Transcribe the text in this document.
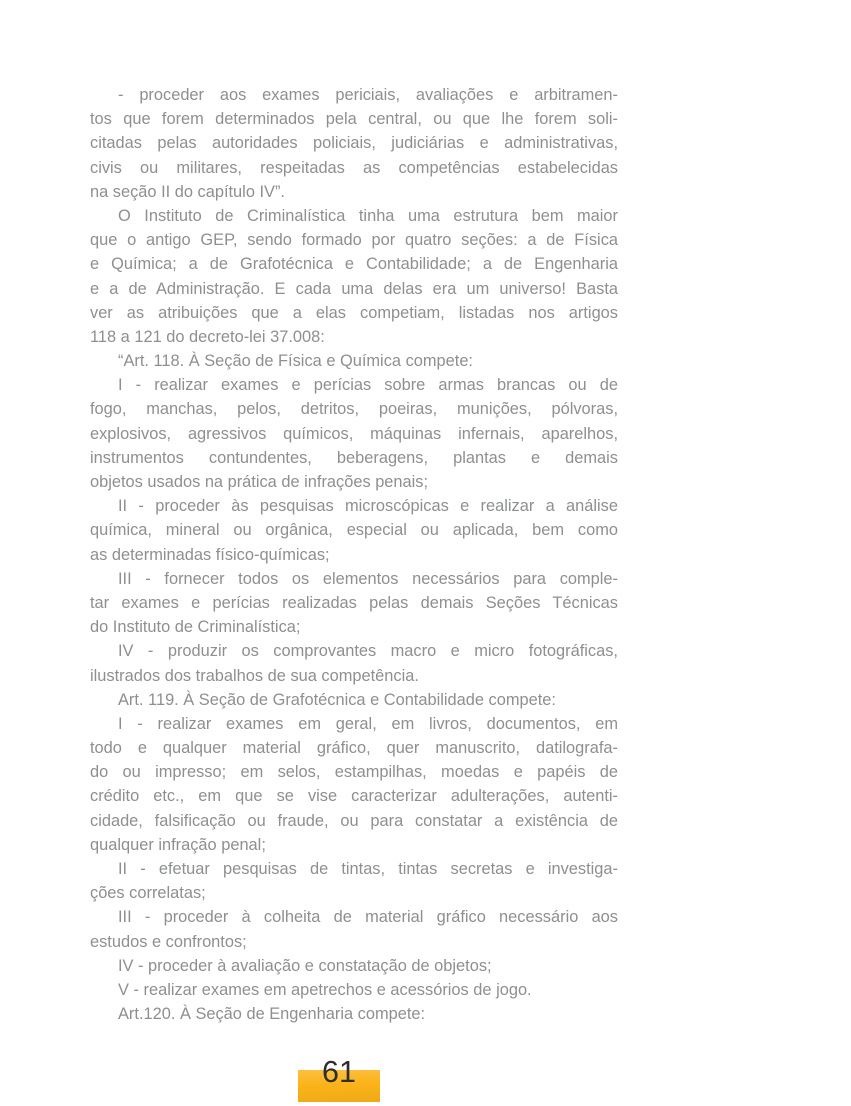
- proceder aos exames periciais, avaliações e arbitramen-
tos que forem determinados pela central, ou que lhe forem soli-
citadas pelas autoridades policiais, judiciárias e administrativas,
civis ou militares, respeitadas as competências estabelecidas
na seção II do capítulo IV”.
O Instituto de Criminalística tinha uma estrutura bem maior
que o antigo GEP, sendo formado por quatro seções: a de Física
e Química; a de Grafotécnica e Contabilidade; a de Engenharia
e a de Administração. E cada uma delas era um universo! Basta
ver as atribuições que a elas competiam, listadas nos artigos
118 a 121 do decreto-lei 37.008:
“Art. 118. À Seção de Física e Química compete:
I - realizar exames e perícias sobre armas brancas ou de
fogo, manchas, pelos, detritos, poeiras, munições, pólvoras,
explosivos, agressivos químicos, máquinas infernais, aparelhos,
instrumentos contundentes, beberagens, plantas e demais
objetos usados na prática de infrações penais;
II - proceder às pesquisas microscópicas e realizar a análise
química, mineral ou orgânica, especial ou aplicada, bem como
as determinadas físico-químicas;
III - fornecer todos os elementos necessários para comple-
tar exames e perícias realizadas pelas demais Seções Técnicas
do Instituto de Criminalística;
IV - produzir os comprovantes macro e micro fotográficas,
ilustrados dos trabalhos de sua competência.
Art. 119. À Seção de Grafotécnica e Contabilidade compete:
I - realizar exames em geral, em livros, documentos, em
todo e qualquer material gráfico, quer manuscrito, datilografa-
do ou impresso; em selos, estampilhas, moedas e papéis de
crédito etc., em que se vise caracterizar adulterações, autenti-
cidade, falsificação ou fraude, ou para constatar a existência de
qualquer infração penal;
II - efetuar pesquisas de tintas, tintas secretas e investiga-
ções correlatas;
III - proceder à colheita de material gráfico necessário aos
estudos e confrontos;
IV - proceder à avaliação e constatação de objetos;
V - realizar exames em apetrechos e acessórios de jogo.
Art.120. À Seção de Engenharia compete:
61
